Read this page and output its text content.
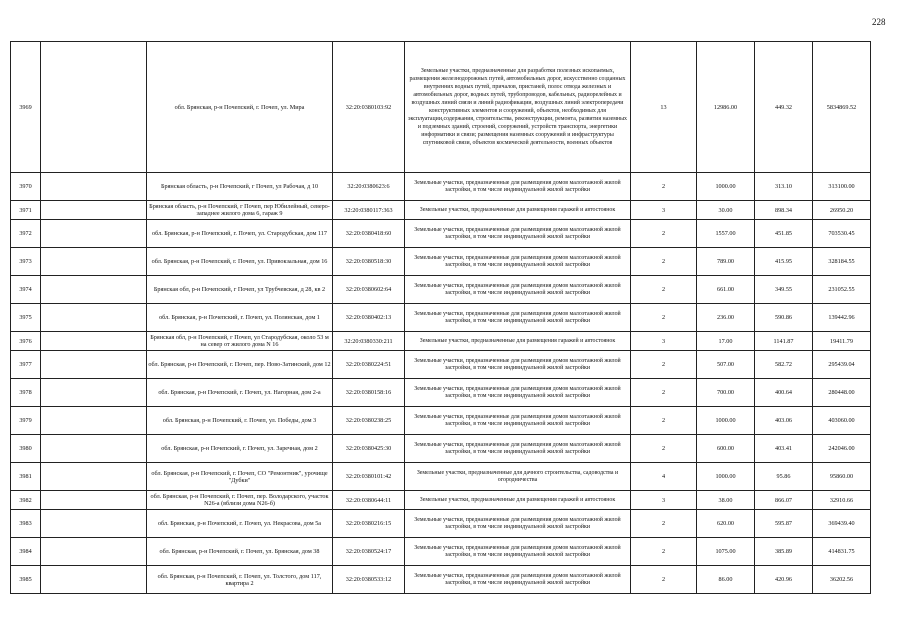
228
3969		обл. Брянская, р-н Почепский, г. Почеп, ул. Мира	32:20:0380103:92	Земельные участки, предназначенные для разработки полезных ископаемых, размещения железнодорожных путей, автомобильных дорог, искусственно созданных внутренних водных путей, причалов, пристаней, полос отвода железных и автомобильных дорог, водных путей, трубопроводов, кабельных, радиорелейных и воздушных линий связи и линий радиофикации, воздушных линий электропередачи конструктивных элементов и сооружений, объектов, необходимых для эксплуатации,содержания, строительства, реконструкции, ремонта, развития наземных и подземных зданий, строений, сооружений, устройств транспорта, энергетики информатики и связи; размещения наземных сооружений и инфраструктуры спутниковой связи, объектов космической деятельности, военных объектов	13	12986.00	449.32	5834869.52
3970		Брянская область, р-н Почепский, г Почеп, ул Рабочая, д 10	32:20:0380623:6	Земельные участки, предназначенные для размещения домов малоэтажной жилой застройки, в том числе индивидуальной жилой застройки	2	1000.00	313.10	313100.00
3971		Брянская область, р-н Почепский, г Почеп, пер Юбилейный, северо-западнее жилого дома 6, гараж 9	32:20:0380117:363	Земельные участки, предназначенные для размещения гаражей и автостоянок	3	30.00	898.34	26950.20
3972		обл. Брянская, р-н Почепский, г. Почеп, ул. Стародубская, дом 117	32:20:0380418:60	Земельные участки, предназначенные для размещения домов малоэтажной жилой застройки, в том числе индивидуальной жилой застройки	2	1557.00	451.85	703530.45
3973		обл. Брянская, р-н Почепский, г. Почеп, ул. Привокзальная, дом 16	32:20:0380518:30	Земельные участки, предназначенные для размещения домов малоэтажной жилой застройки, в том числе индивидуальной жилой застройки	2	789.00	415.95	328184.55
3974		Брянская обл, р-н Почепский, г Почеп, ул Трубчевская, д 28, кв 2	32:20:0380602:64	Земельные участки, предназначенные для размещения домов малоэтажной жилой застройки, в том числе индивидуальной жилой застройки	2	661.00	349.55	231052.55
3975		обл. Брянская, р-н Почепский, г. Почеп, ул. Полянская, дом 1	32:20:0380402:13	Земельные участки, предназначенные для размещения домов малоэтажной жилой застройки, в том числе индивидуальной жилой застройки	2	236.00	590.86	139442.96
3976		Брянская обл, р-н Почепский, г Почеп, ул Стародубская, около 53 м на север от жилого дома N 16	32:20:0380330:211	Земельные участки, предназначенные для размещения гаражей и автостоянок	3	17.00	1141.87	19411.79
3977		обл. Брянская, р-н Почепский, г. Почеп, пер. Ново-Затинский, дом 12	32:20:0380224:51	Земельные участки, предназначенные для размещения домов малоэтажной жилой застройки, в том числе индивидуальной жилой застройки	2	507.00	582.72	295439.04
3978		обл. Брянская, р-н Почепский, г. Почеп, ул. Нагорная, дом 2-а	32:20:0380158:16	Земельные участки, предназначенные для размещения домов малоэтажной жилой застройки, в том числе индивидуальной жилой застройки	2	700.00	400.64	280448.00
3979		обл. Брянская, р-н Почепский, г. Почеп, ул. Победы, дом 3	32:20:0380238:25	Земельные участки, предназначенные для размещения домов малоэтажной жилой застройки, в том числе индивидуальной жилой застройки	2	1000.00	403.06	403060.00
3980		обл. Брянская, р-н Почепский, г. Почеп, ул. Заречная, дом 2	32:20:0380425:30	Земельные участки, предназначенные для размещения домов малоэтажной жилой застройки, в том числе индивидуальной жилой застройки	2	600.00	403.41	242046.00
3981		обл. Брянская, р-н Почепский, г. Почеп, СО "Ремонтник", урочище "Дубки"	32:20:0380101:42	Земельные участки, предназначенные для дачного строительства, садоводства и огородничества	4	1000.00	95.86	95860.00
3982		обл. Брянская, р-н Почепский, г. Почеп, пер. Володарского, участок N26-а (вблизи дома N26-б)	32:20:0380644:11	Земельные участки, предназначенные для размещения гаражей и автостоянок	3	38.00	866.07	32910.66
3983		обл. Брянская, р-н Почепский, г. Почеп, ул. Некрасова, дом 5а	32:20:0380216:15	Земельные участки, предназначенные для размещения домов малоэтажной жилой застройки, в том числе индивидуальной жилой застройки	2	620.00	595.87	369439.40
3984		обл. Брянская, р-н Почепский, г. Почеп, ул. Брянская, дом 38	32:20:0380524:17	Земельные участки, предназначенные для размещения домов малоэтажной жилой застройки, в том числе индивидуальной жилой застройки	2	1075.00	385.89	414831.75
3985		обл. Брянская, р-н Почепский, г. Почеп, ул. Толстого, дом 117, квартира 2	32:20:0380533:12	Земельные участки, предназначенные для размещения домов малоэтажной жилой застройки, в том числе индивидуальной жилой застройки	2	86.00	420.96	36202.56
